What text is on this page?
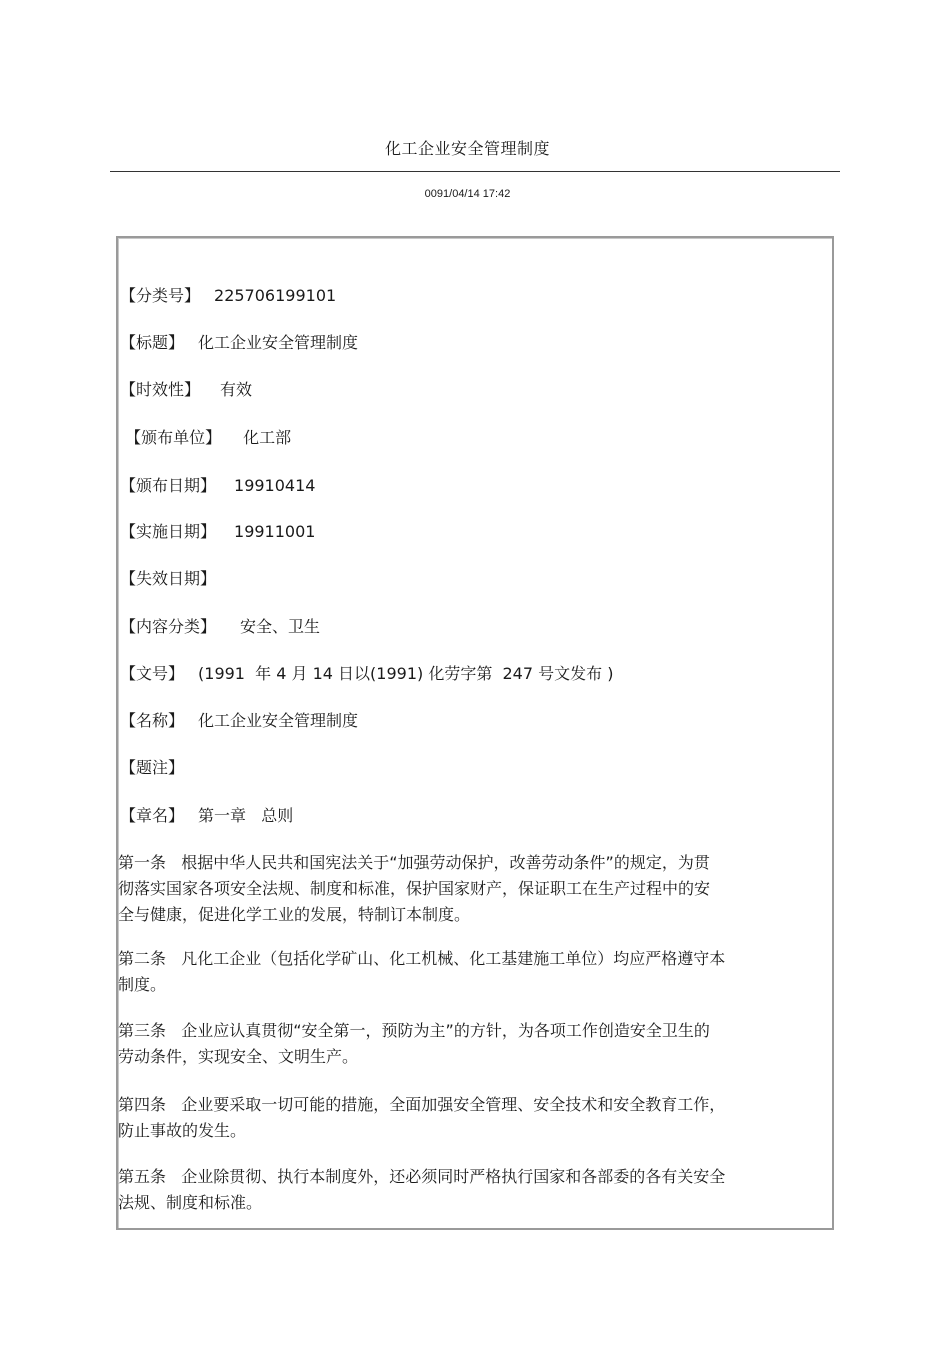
化工企业安全管理制度
0091/04/14 17:42
【分类号】 225706199101
【标题】 化工企业安全管理制度
【时效性】 有效
【颁布单位】 化工部
【颁布日期】 19910414
【实施日期】 19911001
【失效日期】
【内容分类】 安全、卫生
【文号】 (1991  年 4 月 14 日以(1991) 化劳字第  247 号文发布 )
【名称】 化工企业安全管理制度
【题注】
【章名】 第一章   总则
第一条   根据中华人民共和国宪法关于“加强劳动保护，改善劳动条件”的规定，为贯
彻落实国家各项安全法规、制度和标准，保护国家财产，保证职工在生产过程中的安
全与健康，促进化学工业的发展，特制订本制度。
第二条   凡化工企业（包括化学矿山、化工机械、化工基建施工单位）均应严格遵守本
制度。
第三条   企业应认真贯彻“安全第一，预防为主”的方针，为各项工作创造安全卫生的
劳动条件，实现安全、文明生产。
第四条   企业要采取一切可能的措施，全面加强安全管理、安全技术和安全教育工作，
防止事故的发生。
第五条   企业除贯彻、执行本制度外，还必须同时严格执行国家和各部委的各有关安全
法规、制度和标准。
